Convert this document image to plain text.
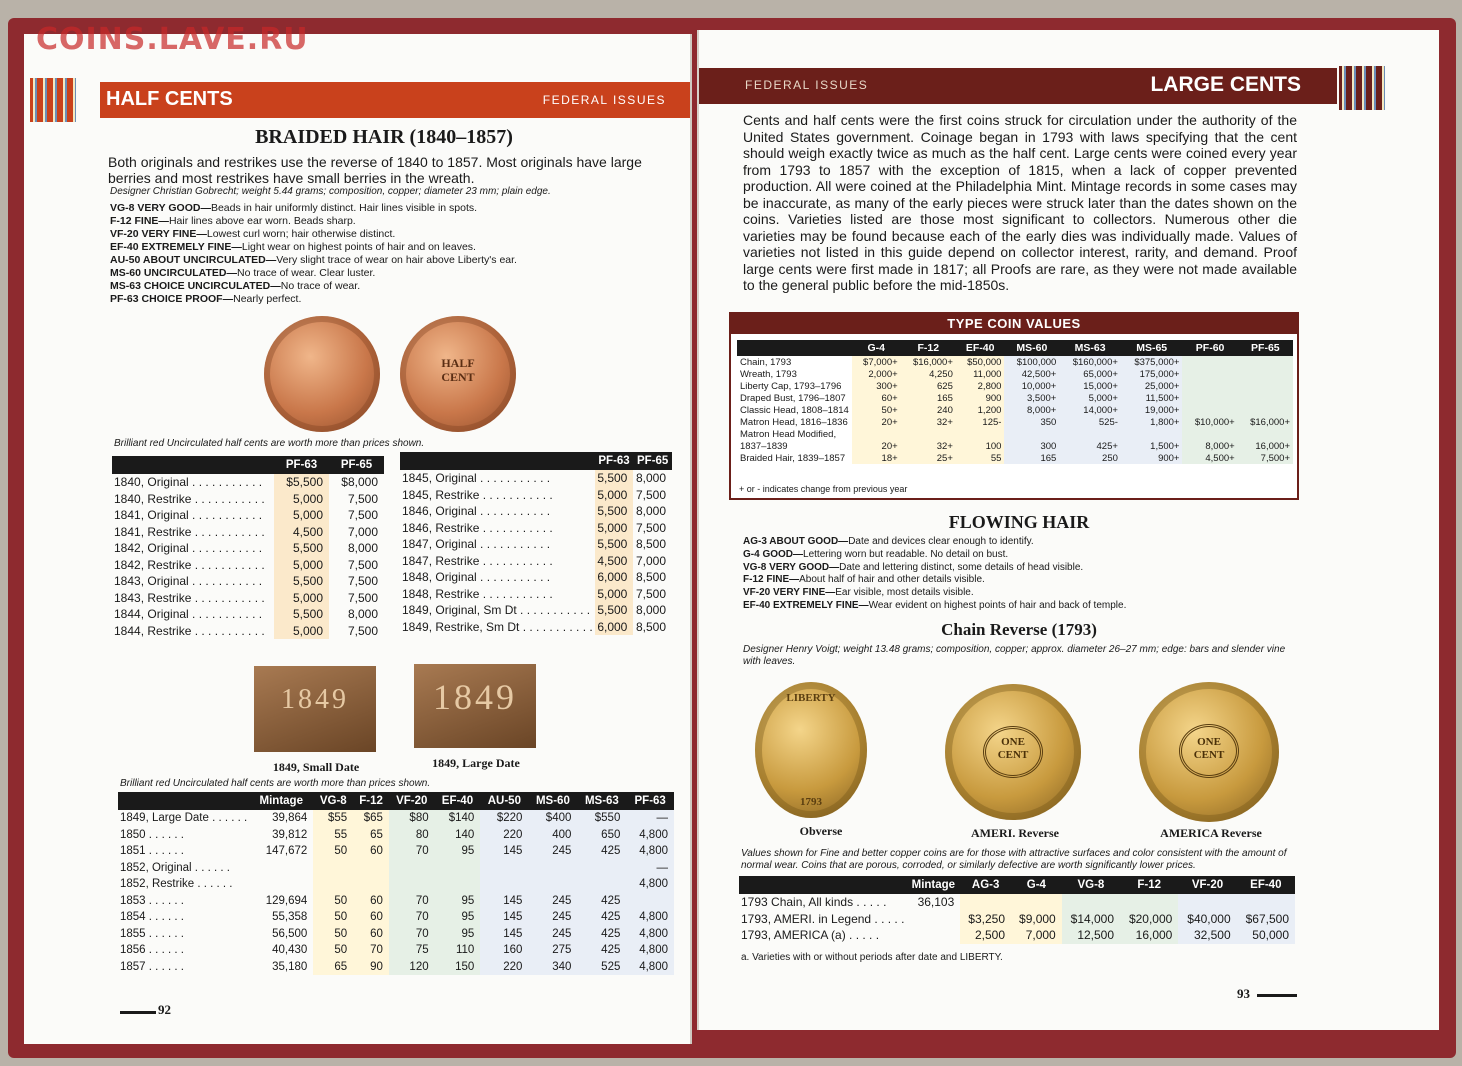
HALF CENTS	FEDERAL ISSUES
BRAIDED HAIR (1840–1857)
Both originals and restrikes use the reverse of 1840 to 1857. Most originals have large berries and most restrikes have small berries in the wreath.
Designer Christian Gobrecht; weight 5.44 grams; composition, copper; diameter 23 mm; plain edge.
VG-8 VERY GOOD—Beads in hair uniformly distinct. Hair lines visible in spots.
F-12 FINE—Hair lines above ear worn. Beads sharp.
VF-20 VERY FINE—Lowest curl worn; hair otherwise distinct.
EF-40 EXTREMELY FINE—Light wear on highest points of hair and on leaves.
AU-50 ABOUT UNCIRCULATED—Very slight trace of wear on hair above Liberty's ear.
MS-60 UNCIRCULATED—No trace of wear. Clear luster.
MS-63 CHOICE UNCIRCULATED—No trace of wear.
PF-63 CHOICE PROOF—Nearly perfect.
HALF CENT
Brilliant red Uncirculated half cents are worth more than prices shown.
	PF-63	PF-65
1840, Original . . . . . . . . . . .	$5,500	$8,000
1840, Restrike . . . . . . . . . . .	5,000	7,500
1841, Original . . . . . . . . . . .	5,000	7,500
1841, Restrike . . . . . . . . . . .	4,500	7,000
1842, Original . . . . . . . . . . .	5,500	8,000
1842, Restrike . . . . . . . . . . .	5,000	7,500
1843, Original . . . . . . . . . . .	5,500	7,500
1843, Restrike . . . . . . . . . . .	5,000	7,500
1844, Original . . . . . . . . . . .	5,500	8,000
1844, Restrike . . . . . . . . . . .	5,000	7,500
	PF-63	PF-65
1845, Original . . . . . . . . . . .	5,500	8,000
1845, Restrike . . . . . . . . . . .	5,000	7,500
1846, Original . . . . . . . . . . .	5,500	8,000
1846, Restrike . . . . . . . . . . .	5,000	7,500
1847, Original . . . . . . . . . . .	5,500	8,500
1847, Restrike . . . . . . . . . . .	4,500	7,000
1848, Original . . . . . . . . . . .	6,000	8,500
1848, Restrike . . . . . . . . . . .	5,000	7,500
1849, Original, Sm Dt . . . . . . . . . . .	5,500	8,000
1849, Restrike, Sm Dt . . . . . . . . . . .	6,000	8,500
1849	1849
1849, Small Date	1849, Large Date
Brilliant red Uncirculated half cents are worth more than prices shown.
	Mintage	VG-8	F-12	VF-20	EF-40	AU-50	MS-60	MS-63	PF-63
1849, Large Date . . . . . .	39,864	$55	$65	$80	$140	$220	$400	$550	—
1850 . . . . . .	39,812	55	65	80	140	220	400	650	4,800
1851 . . . . . .	147,672	50	60	70	95	145	245	425	4,800
1852, Original . . . . . .									—
1852, Restrike . . . . . .									4,800
1853 . . . . . .	129,694	50	60	70	95	145	245	425	
1854 . . . . . .	55,358	50	60	70	95	145	245	425	4,800
1855 . . . . . .	56,500	50	60	70	95	145	245	425	4,800
1856 . . . . . .	40,430	50	70	75	110	160	275	425	4,800
1857 . . . . . .	35,180	65	90	120	150	220	340	525	4,800
92
COINS.LAVE.RU
FEDERAL ISSUES	LARGE CENTS
Cents and half cents were the first coins struck for circulation under the authority of the United States government. Coinage began in 1793 with laws specifying that the cent should weigh exactly twice as much as the half cent. Large cents were coined every year from 1793 to 1857 with the exception of 1815, when a lack of copper prevented production. All were coined at the Philadelphia Mint. Mintage records in some cases may be inaccurate, as many of the early pieces were struck later than the dates shown on the coins. Varieties listed are those most significant to collectors. Numerous other die varieties may be found because each of the early dies was individually made. Values of varieties not listed in this guide depend on collector interest, rarity, and demand. Proof large cents were first made in 1817; all Proofs are rare, as they were not made available to the general public before the mid-1850s.
TYPE COIN VALUES
	G-4	F-12	EF-40	MS-60	MS-63	MS-65	PF-60	PF-65
Chain, 1793	$7,000+	$16,000+	$50,000	$100,000	$160,000+	$375,000+		
Wreath, 1793	2,000+	4,250	11,000	42,500+	65,000+	175,000+		
Liberty Cap, 1793–1796	300+	625	2,800	10,000+	15,000+	25,000+		
Draped Bust, 1796–1807	60+	165	900	3,500+	5,000+	11,500+		
Classic Head, 1808–1814	50+	240	1,200	8,000+	14,000+	19,000+		
Matron Head, 1816–1836	20+	32+	125-	350	525-	1,800+	$10,000+	$16,000+
Matron Head Modified,								
1837–1839	20+	32+	100	300	425+	1,500+	8,000+	16,000+
Braided Hair, 1839–1857	18+	25+	55	165	250	900+	4,500+	7,500+
+ or - indicates change from previous year
FLOWING HAIR
AG-3 ABOUT GOOD—Date and devices clear enough to identify.
G-4 GOOD—Lettering worn but readable. No detail on bust.
VG-8 VERY GOOD—Date and lettering distinct, some details of head visible.
F-12 FINE—About half of hair and other details visible.
VF-20 VERY FINE—Ear visible, most details visible.
EF-40 EXTREMELY FINE—Wear evident on highest points of hair and back of temple.
Chain Reverse (1793)
Designer Henry Voigt; weight 13.48 grams; composition, copper; approx. diameter 26–27 mm; edge: bars and slender vine with leaves.
LIBERTY
1793
ONE CENT
ONE CENT
Obverse	AMERI. Reverse	AMERICA Reverse
Values shown for Fine and better copper coins are for those with attractive surfaces and color consistent with the amount of normal wear. Coins that are porous, corroded, or similarly defective are worth significantly lower prices.
	Mintage	AG-3	G-4	VG-8	F-12	VF-20	EF-40
1793 Chain, All kinds . . . . .	36,103						
1793, AMERI. in Legend . . . . .		$3,250	$9,000	$14,000	$20,000	$40,000	$67,500
1793, AMERICA (a) . . . . .		2,500	7,000	12,500	16,000	32,500	50,000
a. Varieties with or without periods after date and LIBERTY.
93
